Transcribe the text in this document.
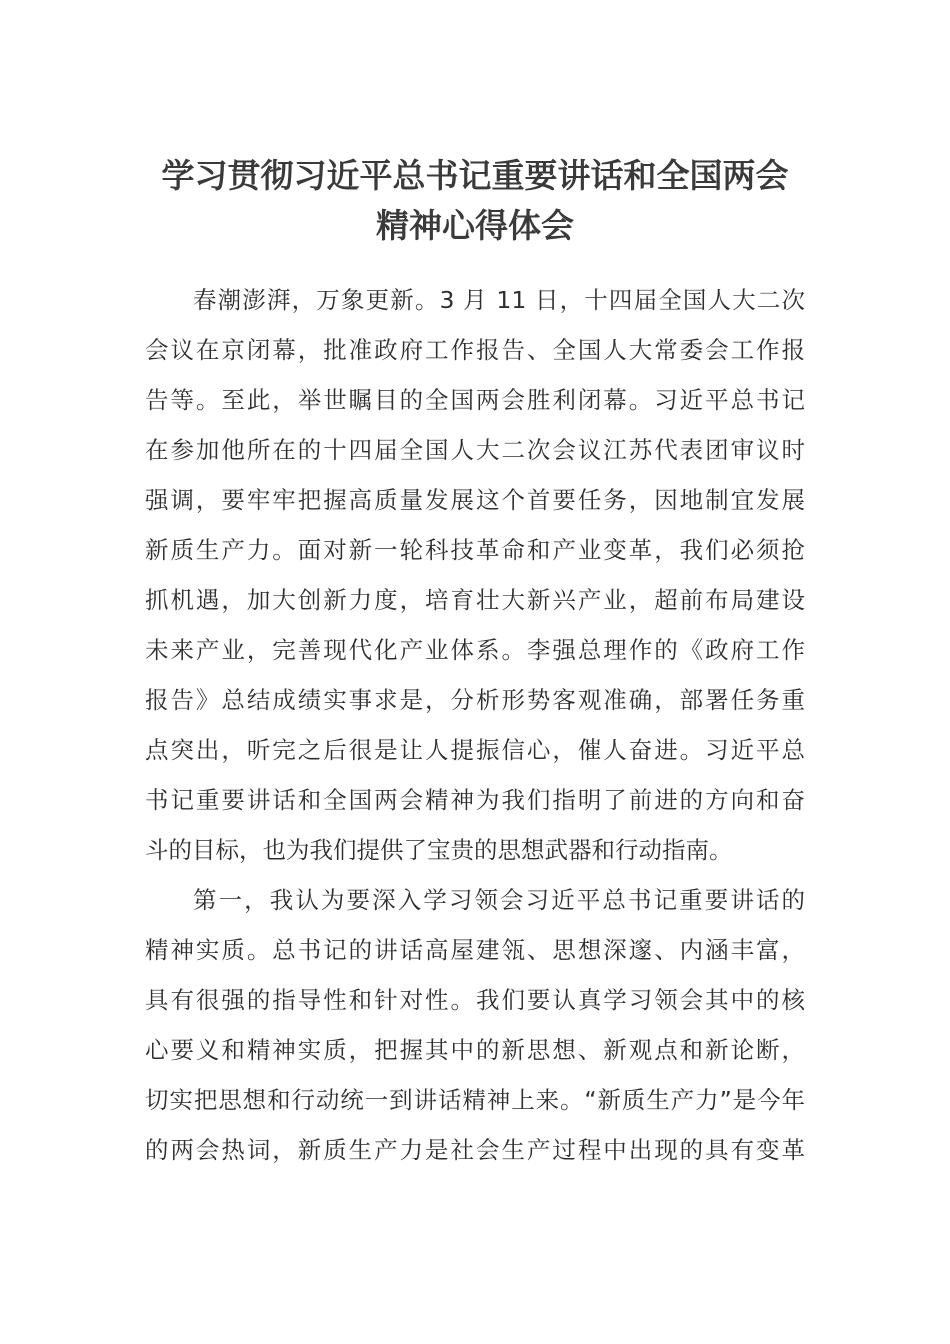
学习贯彻习近平总书记重要讲话和全国两会
精神心得体会
春潮澎湃，万象更新。3 月 11 日，十四届全国人大二次
会议在京闭幕，批准政府工作报告、全国人大常委会工作报
告等。至此，举世瞩目的全国两会胜利闭幕。习近平总书记
在参加他所在的十四届全国人大二次会议江苏代表团审议时
强调，要牢牢把握高质量发展这个首要任务，因地制宜发展
新质生产力。面对新一轮科技革命和产业变革，我们必须抢
抓机遇，加大创新力度，培育壮大新兴产业，超前布局建设
未来产业，完善现代化产业体系。李强总理作的《政府工作
报告》总结成绩实事求是，分析形势客观准确，部署任务重
点突出，听完之后很是让人提振信心，催人奋进。习近平总
书记重要讲话和全国两会精神为我们指明了前进的方向和奋
斗的目标，也为我们提供了宝贵的思想武器和行动指南。
第一，我认为要深入学习领会习近平总书记重要讲话的
精神实质。总书记的讲话高屋建瓴、思想深邃、内涵丰富，
具有很强的指导性和针对性。我们要认真学习领会其中的核
心要义和精神实质，把握其中的新思想、新观点和新论断，
切实把思想和行动统一到讲话精神上来。“新质生产力”是今年
的两会热词，新质生产力是社会生产过程中出现的具有变革
